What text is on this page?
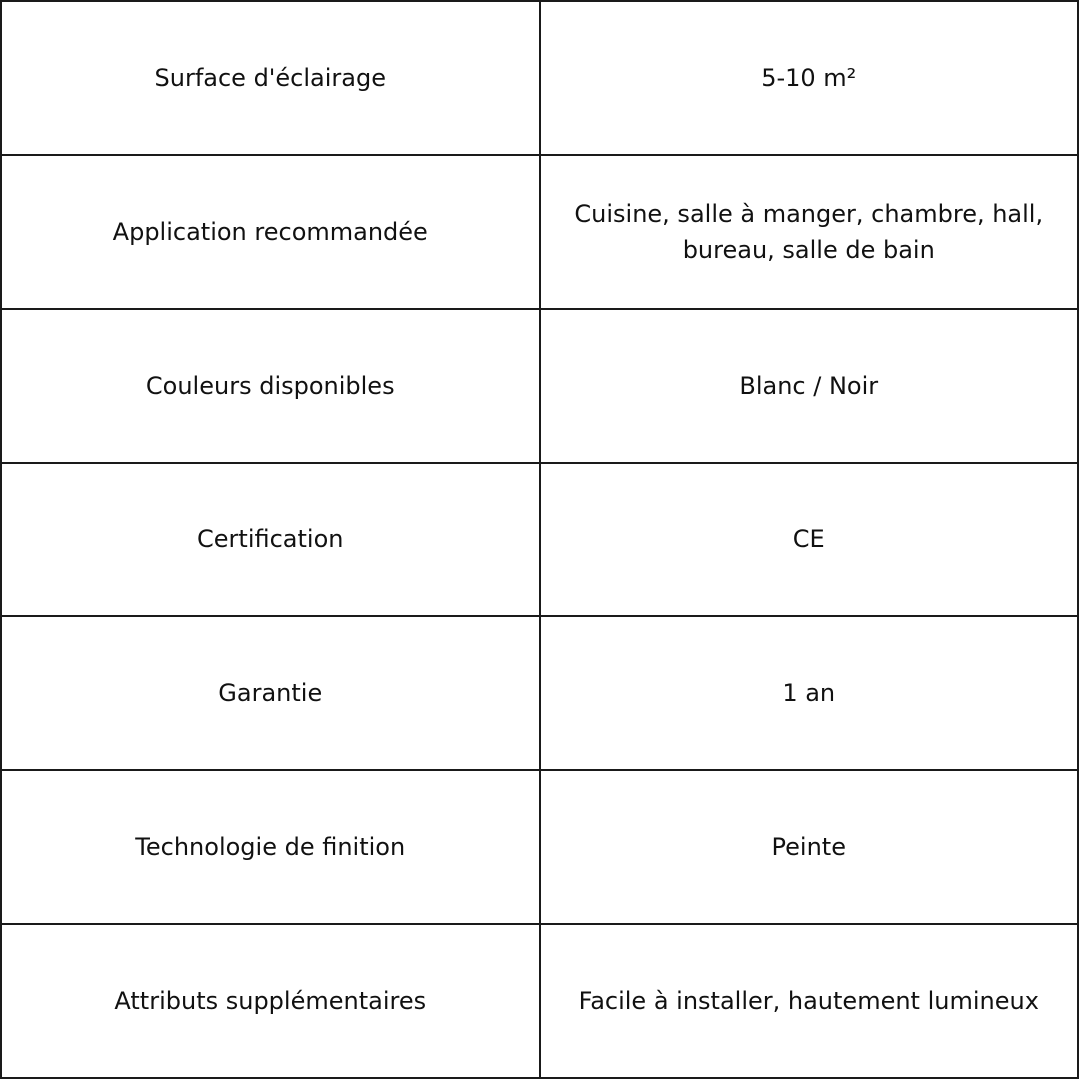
Surface d'éclairage	5-10 m²
Application recommandée	Cuisine, salle à manger, chambre, hall,
bureau, salle de bain
Couleurs disponibles	Blanc / Noir
Certification	CE
Garantie	1 an
Technologie de finition	Peinte
Attributs supplémentaires	Facile à installer, hautement lumineux
